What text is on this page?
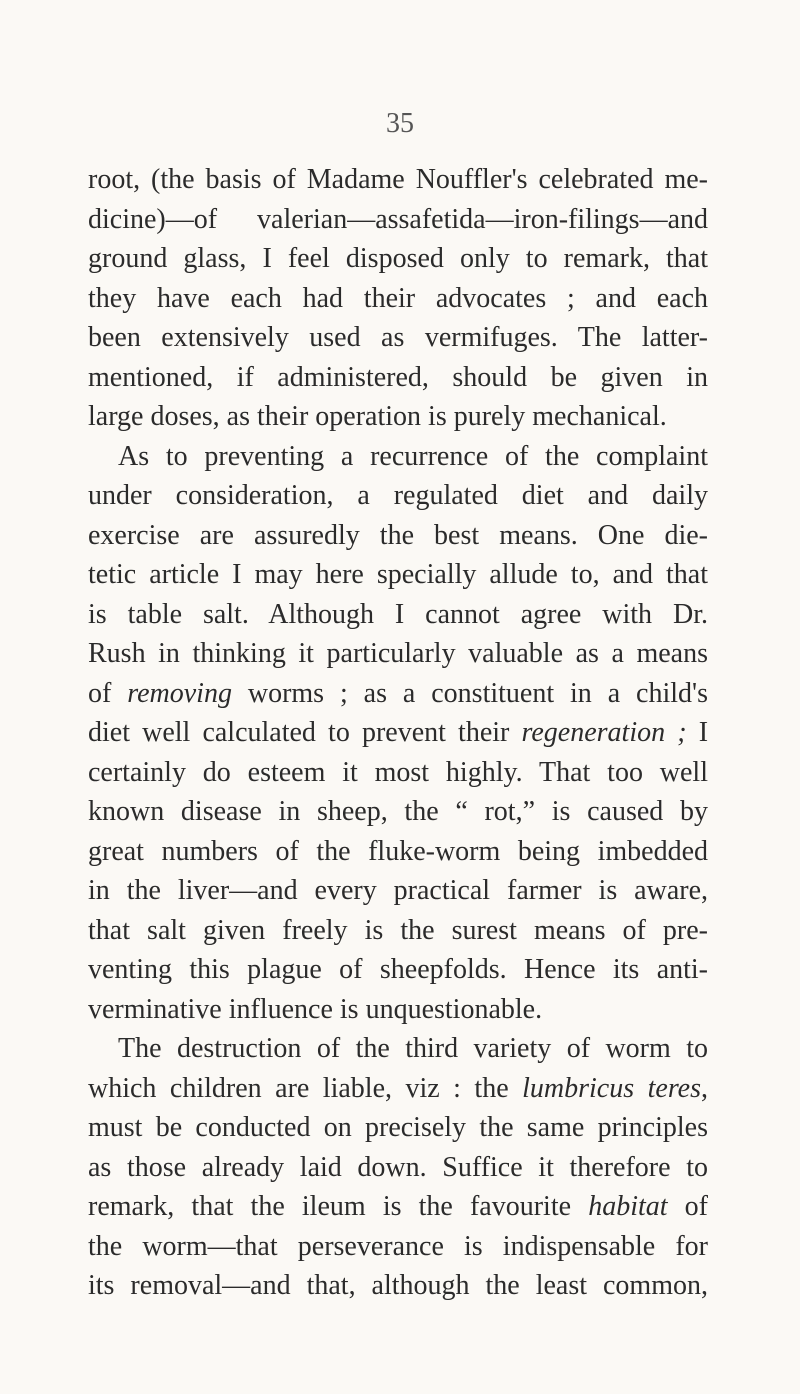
35
root, (the basis of Madame Nouffler's celebrated me-
dicine)—of valerian—assafetida—iron-filings—and
ground glass, I feel disposed only to remark, that
they have each had their advocates ; and each
been extensively used as vermifuges. The latter-
mentioned, if administered, should be given in
large doses, as their operation is purely mechanical.
As to preventing a recurrence of the complaint
under consideration, a regulated diet and daily
exercise are assuredly the best means. One die-
tetic article I may here specially allude to, and that
is table salt. Although I cannot agree with Dr.
Rush in thinking it particularly valuable as a means
of removing worms ; as a constituent in a child's
diet well calculated to prevent their regeneration ; I
certainly do esteem it most highly. That too well
known disease in sheep, the “ rot,” is caused by
great numbers of the fluke-worm being imbedded
in the liver—and every practical farmer is aware,
that salt given freely is the surest means of pre-
venting this plague of sheepfolds. Hence its anti-
verminative influence is unquestionable.
The destruction of the third variety of worm to
which children are liable, viz : the lumbricus teres,
must be conducted on precisely the same principles
as those already laid down. Suffice it therefore to
remark, that the ileum is the favourite habitat of
the worm—that perseverance is indispensable for
its removal—and that, although the least common,
